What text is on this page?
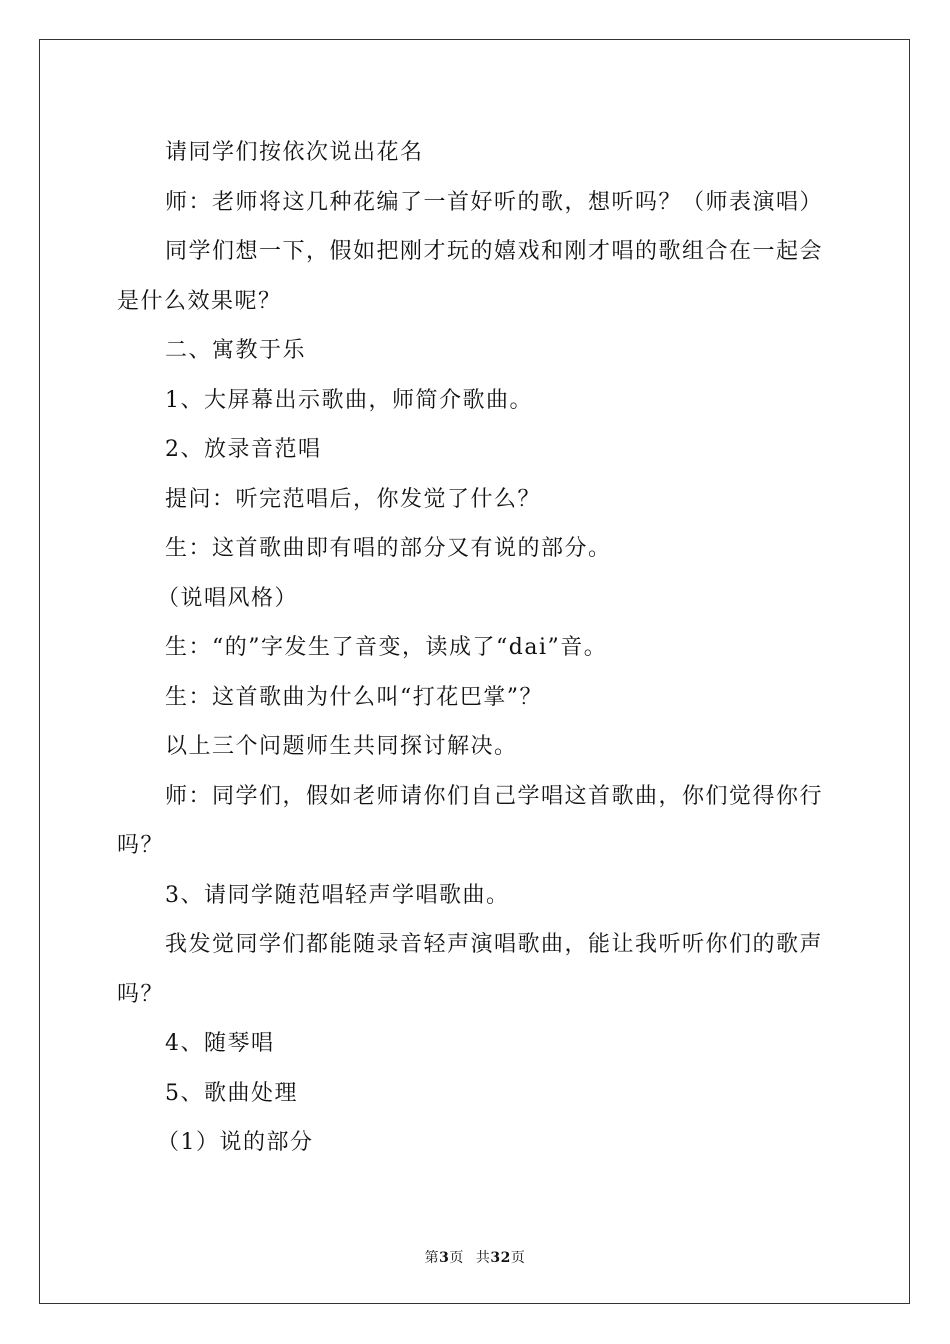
请同学们按依次说出花名

师：老师将这几种花编了一首好听的歌，想听吗？（师表演唱）

同学们想一下，假如把刚才玩的嬉戏和刚才唱的歌组合在一起会是什么效果呢？

二、寓教于乐

1、大屏幕出示歌曲，师简介歌曲。

2、放录音范唱

提问：听完范唱后，你发觉了什么？

生：这首歌曲即有唱的部分又有说的部分。

（说唱风格）

生：“的”字发生了音变，读成了“dai”音。

生：这首歌曲为什么叫“打花巴掌”？

以上三个问题师生共同探讨解决。

师：同学们，假如老师请你们自己学唱这首歌曲，你们觉得你行吗？

3、请同学随范唱轻声学唱歌曲。

我发觉同学们都能随录音轻声演唱歌曲，能让我听听你们的歌声吗？

4、随琴唱

5、歌曲处理

（1）说的部分

第3页 共32页
